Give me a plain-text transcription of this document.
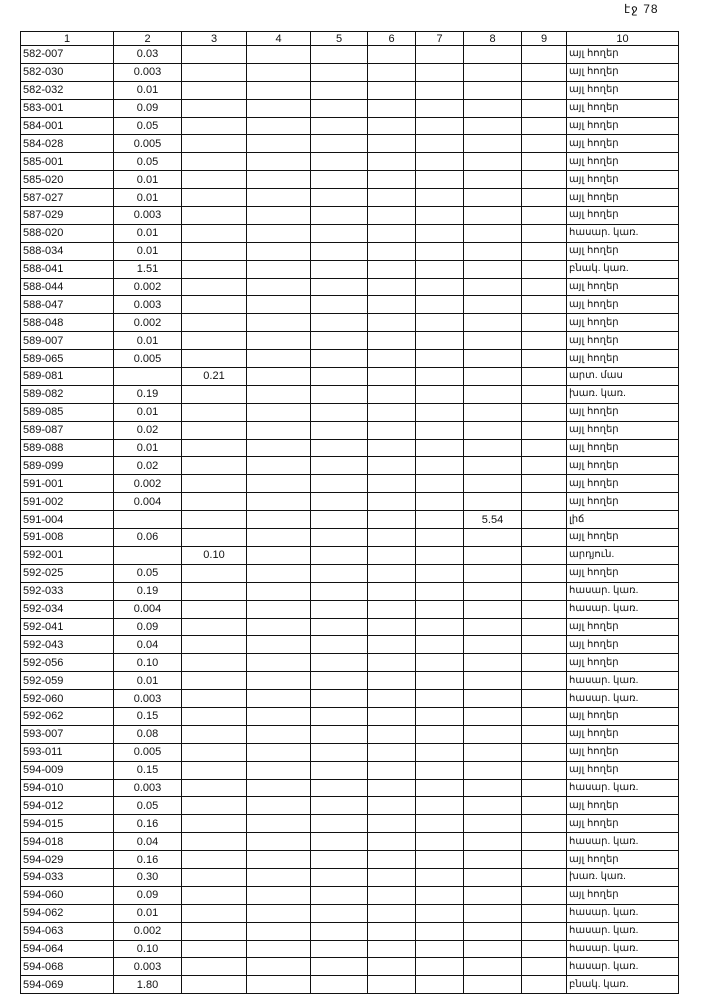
էջ 78
1	2	3	4	5	6	7	8	9	10
582-007	0.03								այլ հողեր
582-030	0.003								այլ հողեր
582-032	0.01								այլ հողեր
583-001	0.09								այլ հողեր
584-001	0.05								այլ հողեր
584-028	0.005								այլ հողեր
585-001	0.05								այլ հողեր
585-020	0.01								այլ հողեր
587-027	0.01								այլ հողեր
587-029	0.003								այլ հողեր
588-020	0.01								հասար. կառ.
588-034	0.01								այլ հողեր
588-041	1.51								բնակ. կառ.
588-044	0.002								այլ հողեր
588-047	0.003								այլ հողեր
588-048	0.002								այլ հողեր
589-007	0.01								այլ հողեր
589-065	0.005								այլ հողեր
589-081		0.21							արտ. մաս
589-082	0.19								խառ. կառ.
589-085	0.01								այլ հողեր
589-087	0.02								այլ հողեր
589-088	0.01								այլ հողեր
589-099	0.02								այլ հողեր
591-001	0.002								այլ հողեր
591-002	0.004								այլ հողեր
591-004							5.54		լիճ
591-008	0.06								այլ հողեր
592-001		0.10							արդյուն.
592-025	0.05								այլ հողեր
592-033	0.19								հասար. կառ.
592-034	0.004								հասար. կառ.
592-041	0.09								այլ հողեր
592-043	0.04								այլ հողեր
592-056	0.10								այլ հողեր
592-059	0.01								հասար. կառ.
592-060	0.003								հասար. կառ.
592-062	0.15								այլ հողեր
593-007	0.08								այլ հողեր
593-011	0.005								այլ հողեր
594-009	0.15								այլ հողեր
594-010	0.003								հասար. կառ.
594-012	0.05								այլ հողեր
594-015	0.16								այլ հողեր
594-018	0.04								հասար. կառ.
594-029	0.16								այլ հողեր
594-033	0.30								խառ. կառ.
594-060	0.09								այլ հողեր
594-062	0.01								հասար. կառ.
594-063	0.002								հասար. կառ.
594-064	0.10								հասար. կառ.
594-068	0.003								հասար. կառ.
594-069	1.80								բնակ. կառ.
